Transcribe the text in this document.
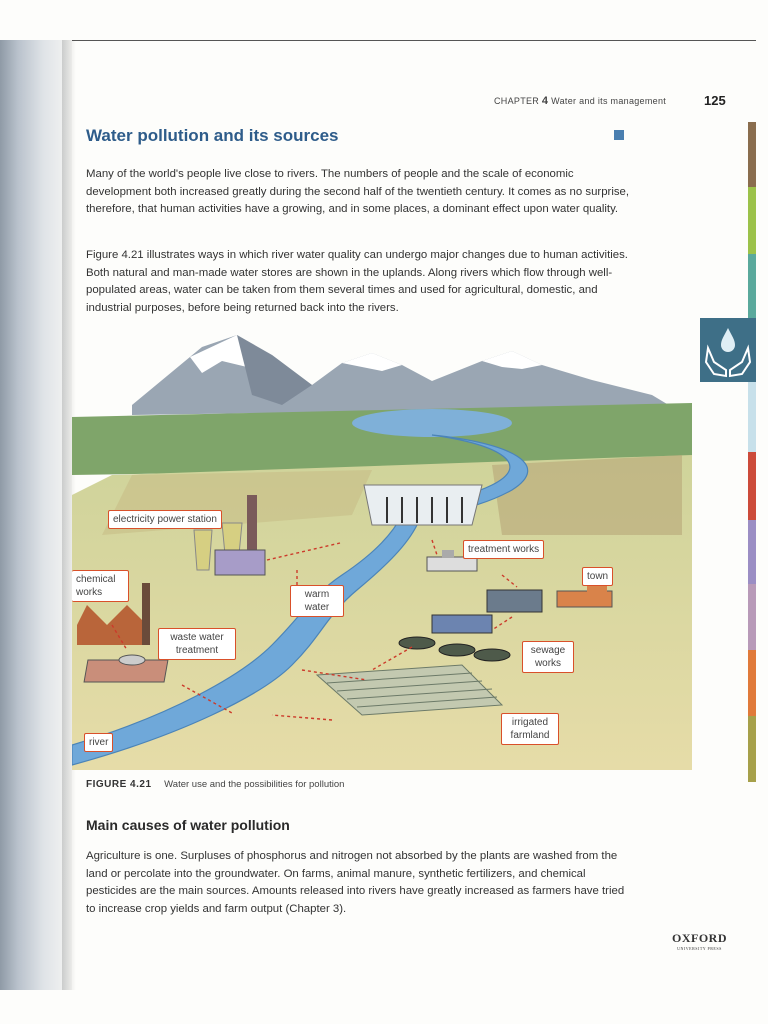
CHAPTER 4 Water and its management	125
Water pollution and its sources

Many of the world's people live close to rivers. The numbers of people and the scale of economic development both increased greatly during the second half of the twentieth century. It comes as no surprise, therefore, that human activities have a growing, and in some places, a dominant effect upon water quality.

Figure 4.21 illustrates ways in which river water quality can undergo major changes due to human activities. Both natural and man-made water stores are shown in the uplands. Along rivers which flow through well-populated areas, water can be taken from them several times and used for agricultural, domestic, and industrial purposes, before being returned back into the rivers.

electricity power station
chemical works
waste water treatment
warm water
treatment works
town
sewage works
irrigated farmland
river
FIGURE 4.21 Water use and the possibilities for pollution
Main causes of water pollution

Agriculture is one. Surpluses of phosphorus and nitrogen not absorbed by the plants are washed from the land or percolate into the groundwater. On farms, animal manure, synthetic fertilizers, and chemical pesticides are the main sources. Amounts released into rivers have greatly increased as farmers have tried to increase crop yields and farm output (Chapter 3).

OXFORD
UNIVERSITY PRESS
